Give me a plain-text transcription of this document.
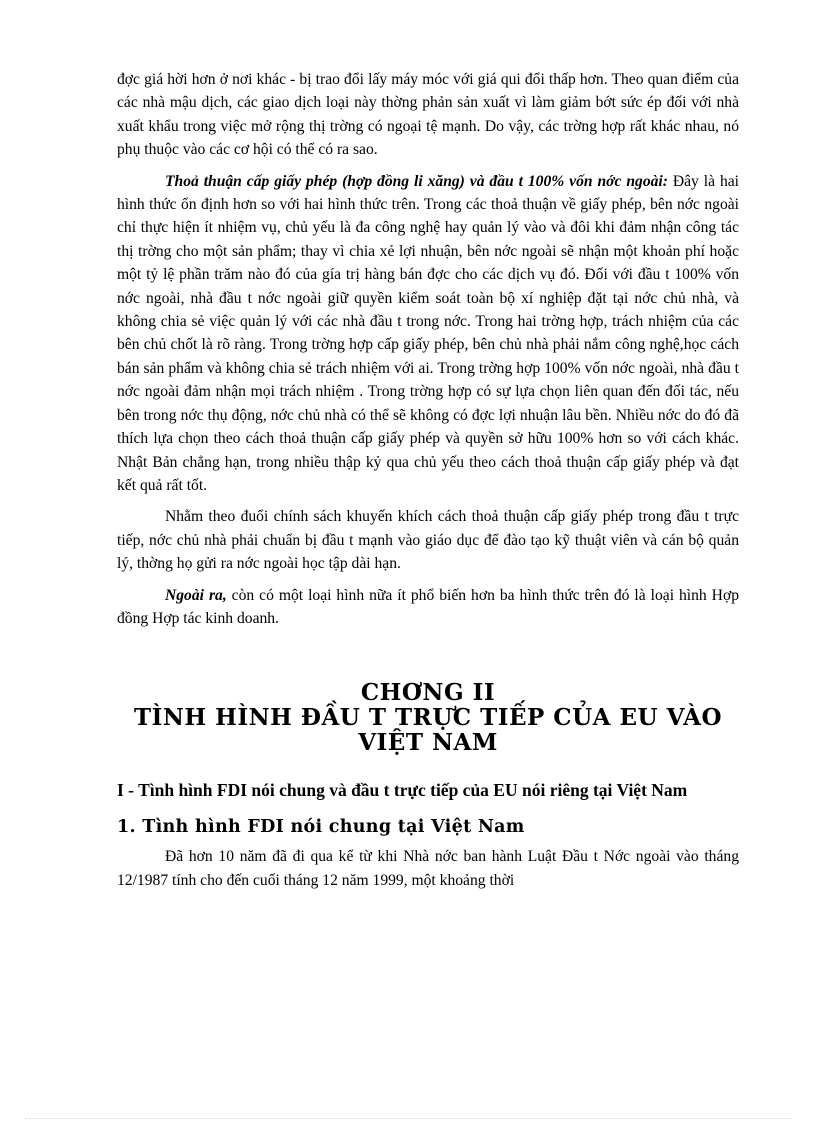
đợc giá hời hơn ở nơi khác - bị trao đổi lấy máy móc với giá qui đổi thấp hơn. Theo quan điểm của các nhà mậu dịch, các giao dịch loại này thờng phản sản xuất vì làm giảm bớt sức ép đối với nhà xuất khẩu trong việc mở rộng thị trờng có ngoại tệ mạnh. Do vậy, các trờng hợp rất khác nhau, nó phụ thuộc vào các cơ hội có thể có ra sao.

Thoả thuận cấp giấy phép (hợp đồng li xăng) và đầu t 100% vốn nớc ngoài: Đây là hai hình thức ổn định hơn so với hai hình thức trên. Trong các thoả thuận về giấy phép, bên nớc ngoài chỉ thực hiện ít nhiệm vụ, chủ yếu là đa công nghệ hay quản lý vào và đôi khi đảm nhận công tác thị trờng cho một sản phẩm; thay vì chia xẻ lợi nhuận, bên nớc ngoài sẽ nhận một khoản phí hoặc một tỷ lệ phần trăm nào đó của gía trị hàng bán đợc cho các dịch vụ đó. Đối với đầu t 100% vốn nớc ngoài, nhà đầu t nớc ngoài giữ quyền kiểm soát toàn bộ xí nghiệp đặt tại nớc chủ nhà, và không chia sẻ việc quản lý với các nhà đầu t trong nớc. Trong hai trờng hợp, trách nhiệm của các bên chủ chốt là rõ ràng. Trong trờng hợp cấp giấy phép, bên chủ nhà phải nắm công nghệ,học cách bán sản phẩm và không chia sẻ trách nhiệm với ai. Trong trờng hợp 100% vốn nớc ngoài, nhà đầu t nớc ngoài đảm nhận mọi trách nhiệm . Trong trờng hợp có sự lựa chọn liên quan đến đối tác, nếu bên trong nớc thụ động, nớc chủ nhà có thể sẽ không có đợc lợi nhuận lâu bền. Nhiều nớc do đó đã thích lựa chọn theo cách thoả thuận cấp giấy phép và quyền sở hữu 100% hơn so với cách khác. Nhật Bản chẳng hạn, trong nhiều thập kỷ qua chủ yếu theo cách thoả thuận cấp giấy phép và đạt kết quả rất tốt.

Nhằm theo đuổi chính sách khuyến khích cách thoả thuận cấp giấy phép trong đầu t trực tiếp, nớc chủ nhà phải chuẩn bị đầu t mạnh vào giáo dục để đào tạo kỹ thuật viên và cán bộ quản lý, thờng họ gửi ra nớc ngoài học tập dài hạn.

Ngoài ra, còn có một loại hình nữa ít phổ biến hơn ba hình thức trên đó là loại hình Hợp đồng Hợp tác kinh doanh.

CHƠNG II
TÌNH HÌNH ĐẦU T TRỰC TIẾP CỦA EU VÀO
VIỆT NAM
I - Tình hình FDI nói chung và đầu t trực tiếp của EU nói riêng tại Việt Nam
1. Tình hình FDI nói chung tại Việt Nam

Đã hơn 10 năm đã đi qua kể từ khi Nhà nớc ban hành Luật Đầu t Nớc ngoài vào tháng 12/1987 tính cho đến cuối tháng 12 năm 1999, một khoảng thời
